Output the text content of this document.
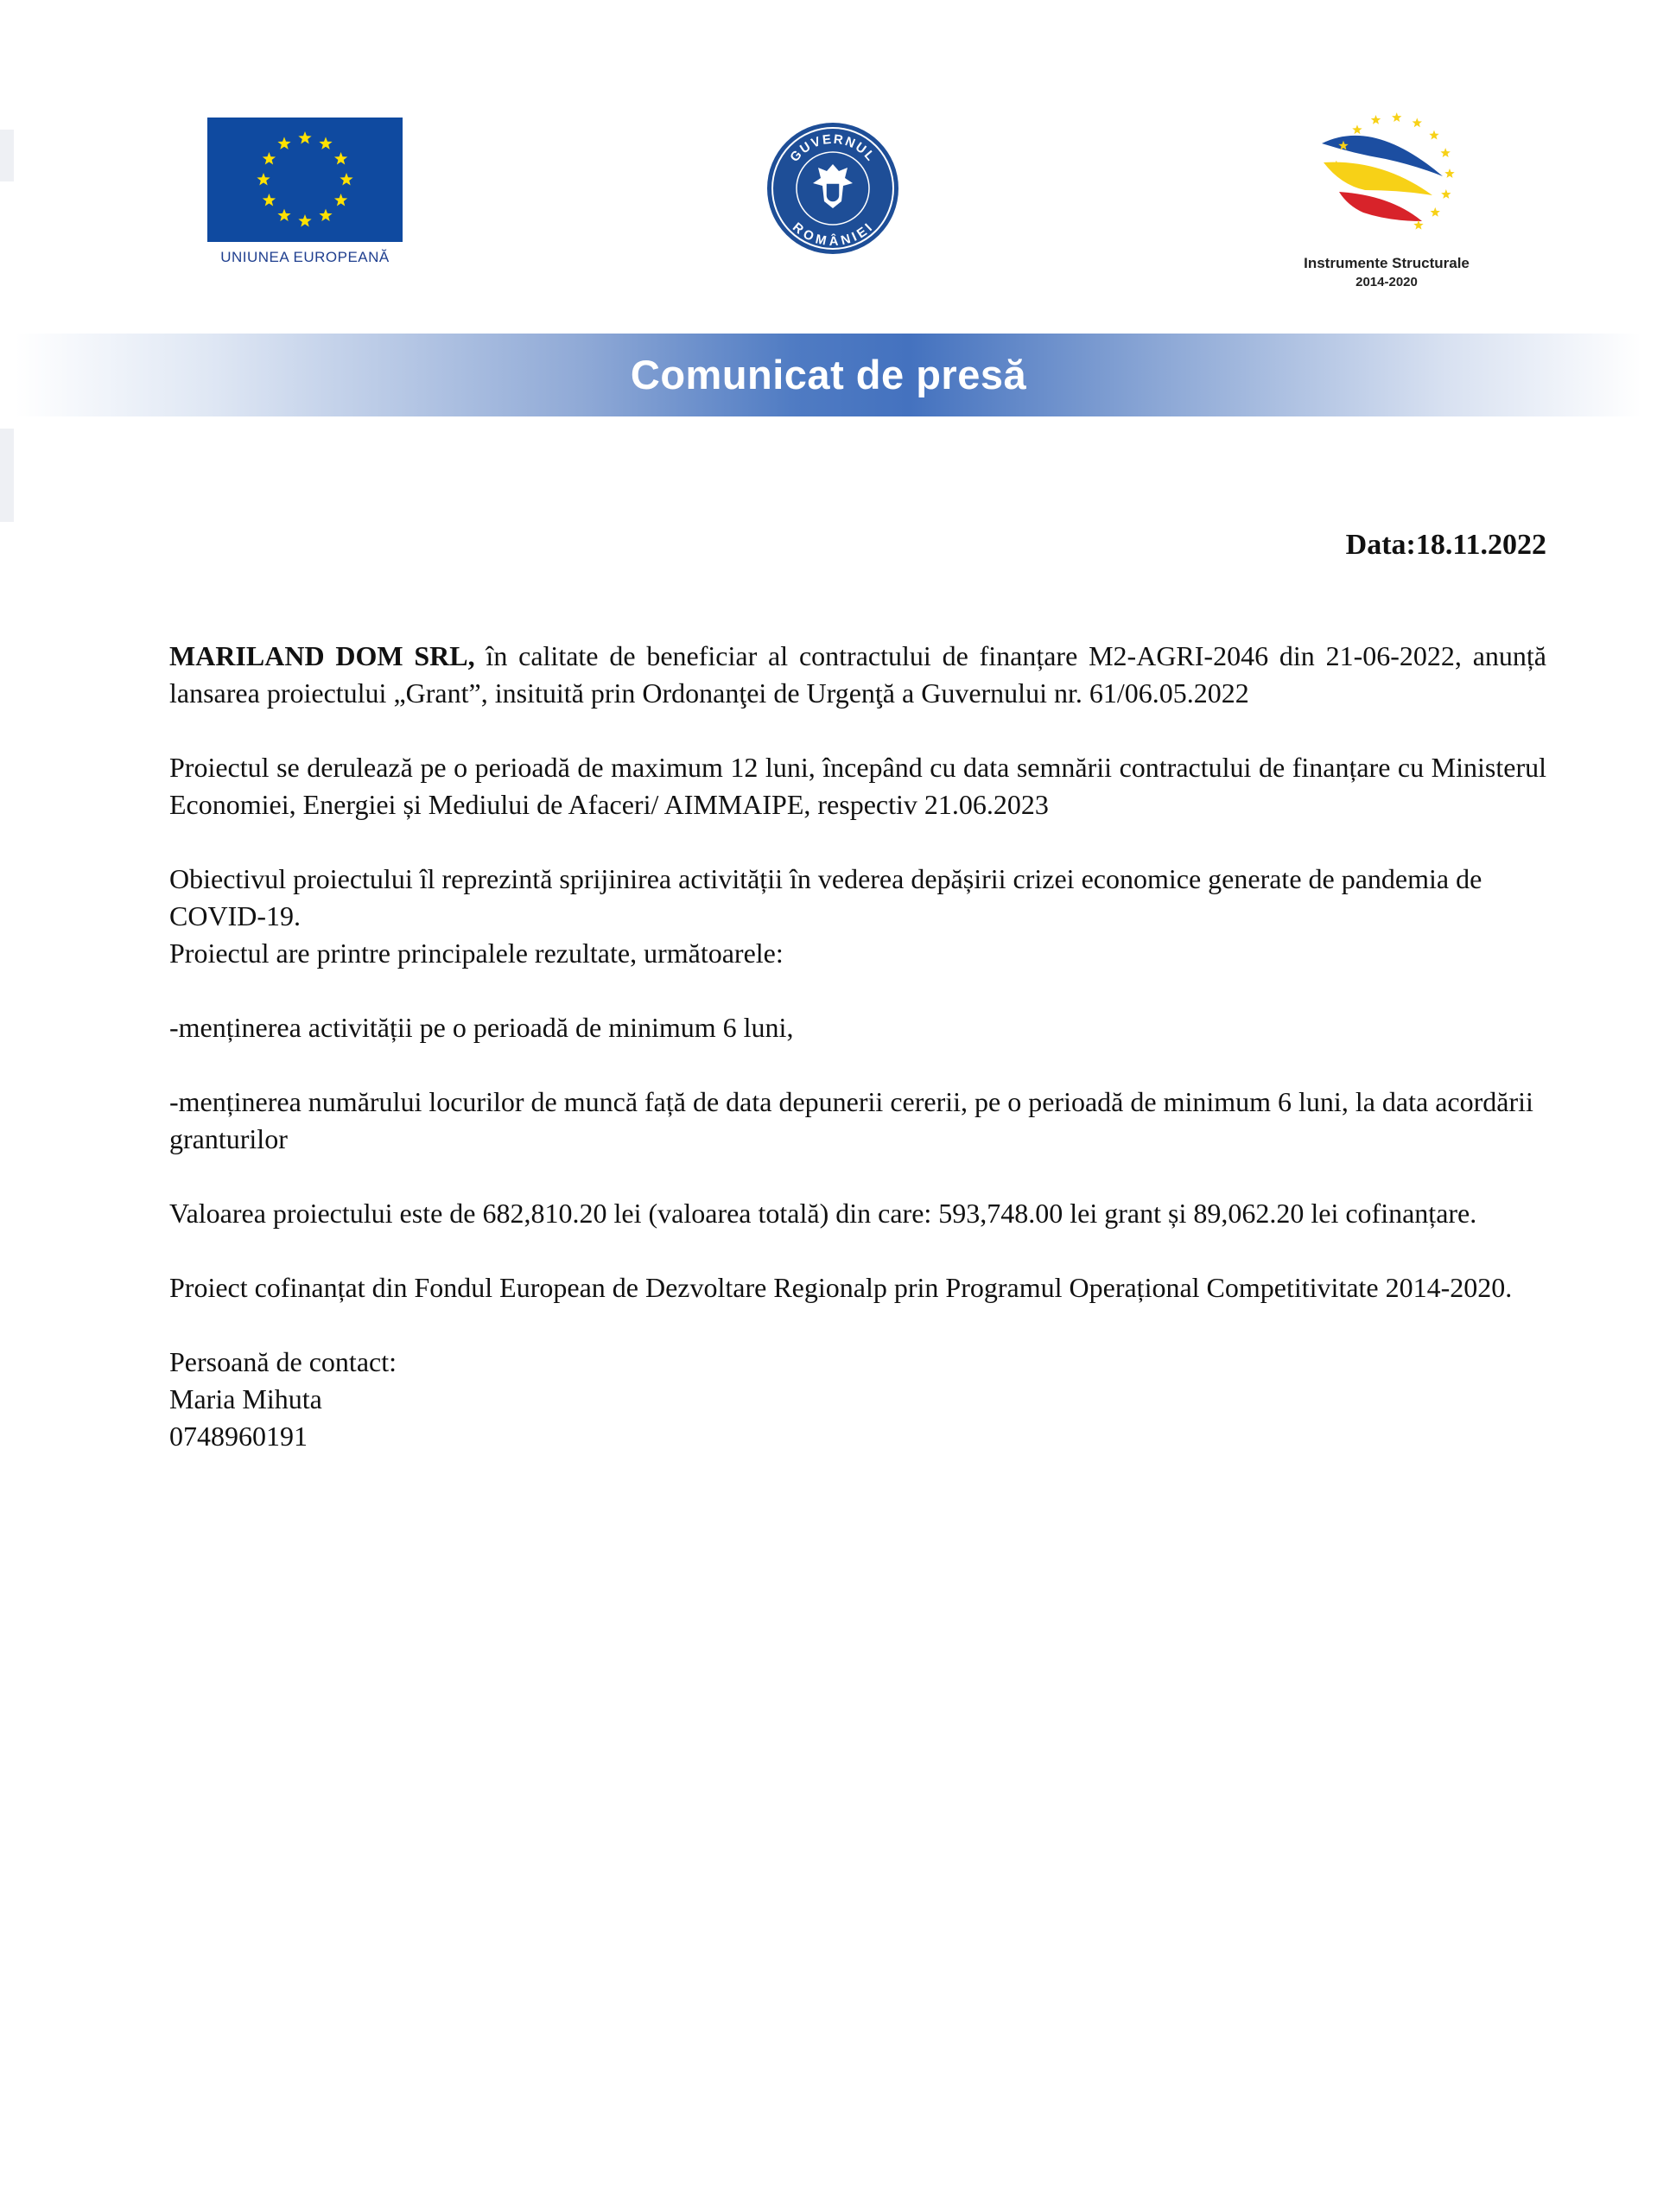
UNIUNEA EUROPEANĂ
GUVERNUL
ROMÂNIEI
Instrumente Structurale
2014-2020
Comunicat de presă
Data:18.11.2022

MARILAND DOM SRL, în calitate de beneficiar al contractului de finanțare M2-AGRI-2046 din 21-06-2022, anunță lansarea proiectului „Grant”, insituită prin Ordonanţei de Urgenţă a Guvernului nr. 61/06.05.2022

Proiectul se derulează pe o perioadă de maximum 12 luni, începând cu data semnării contractului de finanțare cu Ministerul Economiei, Energiei și Mediului de Afaceri/ AIMMAIPE, respectiv 21.06.2023

Obiectivul proiectului îl reprezintă sprijinirea activității în vederea depășirii crizei economice generate de pandemia de COVID-19.

Proiectul are printre principalele rezultate, următoarele:

-menținerea activității pe o perioadă de minimum 6 luni,

-menținerea numărului locurilor de muncă față de data depunerii cererii, pe o perioadă de minimum 6 luni, la data acordării granturilor

Valoarea proiectului este de 682,810.20 lei (valoarea totală) din care: 593,748.00 lei grant și 89,062.20 lei cofinanțare.

Proiect cofinanțat din Fondul European de Dezvoltare Regionalp prin Programul Operațional Competitivitate 2014-2020.

Persoană de contact:
Maria Mihuta
0748960191
